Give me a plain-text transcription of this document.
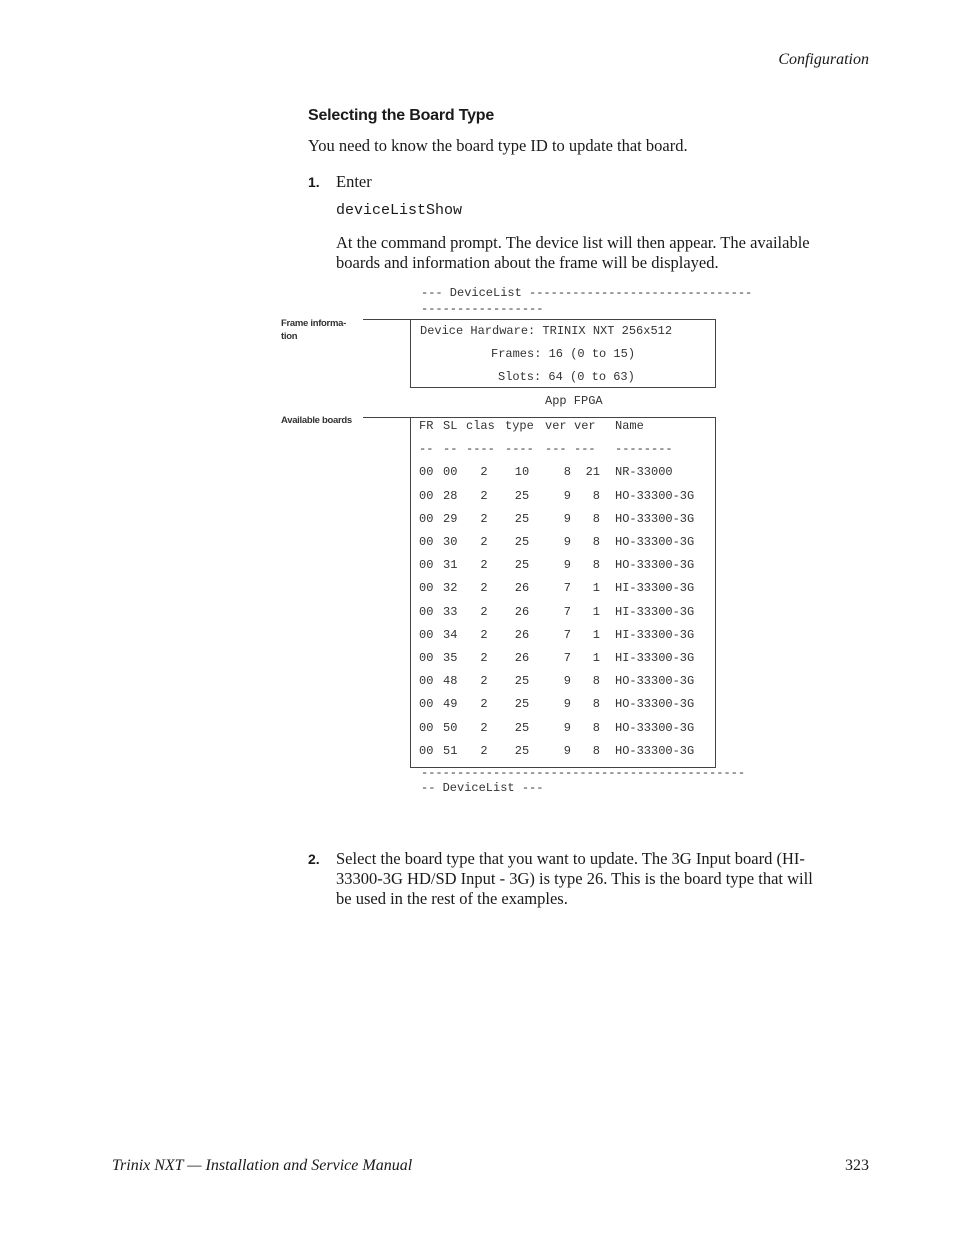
Configuration
Selecting the Board Type
You need to know the board type ID to update that board.
1. Enter
deviceListShow
At the command prompt. The device list will then appear. The available
boards and information about the frame will be displayed.
--- DeviceList -------------------------------
-----------------
Device Hardware: TRINIX NXT 256x512
Frames: 16 (0 to 15)
Slots: 64 (0 to 63)
App FPGA
FR SL clas type ver ver Name
-- -- ---- ---- --- --- --------
00 00	2	10	8	21 NR-33000
00 28	2	25	9	8 HO-33300-3G
00 29	2	25	9	8 HO-33300-3G
00 30	2	25	9	8 HO-33300-3G
00 31	2	25	9	8 HO-33300-3G
00 32	2	26	7	1 HI-33300-3G
00 33	2	26	7	1 HI-33300-3G
00 34	2	26	7	1 HI-33300-3G
00 35	2	26	7	1 HI-33300-3G
00 48	2	25	9	8 HO-33300-3G
00 49	2	25	9	8 HO-33300-3G
00 50	2	25	9	8 HO-33300-3G
00 51	2	25	9	8 HO-33300-3G
---------------------------------------------
-- DeviceList ---
Frame informa-
tion
Available boards
2. Select the board type that you want to update. The 3G Input board (HI-
33300-3G HD/SD Input - 3G) is type 26. This is the board type that will
be used in the rest of the examples.
Trinix NXT — Installation and Service Manual	323
